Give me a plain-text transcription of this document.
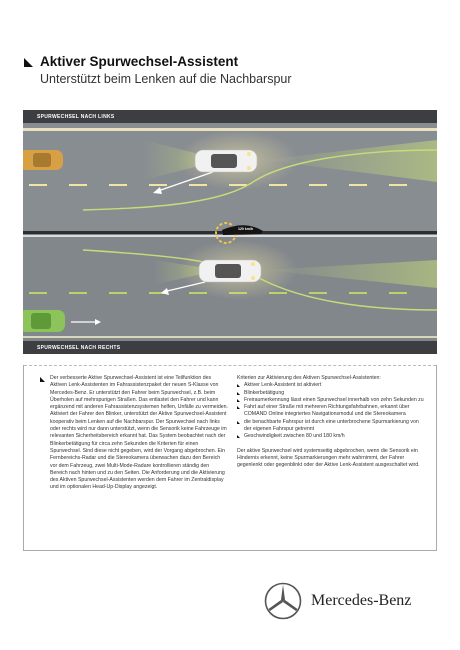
Aktiver Spurwechsel-Assistent
Unterstützt beim Lenken auf die Nachbarspur
SPURWECHSEL NACH LINKS
SPURWECHSEL NACH RECHTS
120 km/h
Der verbesserte Aktive Spurwechsel-Assistent ist eine Teilfunktion des Aktiven Lenk-Assistenten im Fahrassistenzpaket der neuen S-Klasse von Mercedes-Benz. Er unterstützt den Fahrer beim Spurwechsel, z.B. beim Überholen auf mehrspurigen Straßen. Das entlastet den Fahrer und kann ergänzend mit anderen Fahrassistenzsystemen helfen, Unfälle zu vermeiden. Aktiviert der Fahrer den Blinker, unterstützt der Aktive Spurwechsel-Assistent kooperativ beim Lenken auf die Nachbarspur. Der Spurwechsel nach links oder rechts wird nur dann unterstützt, wenn die Sensorik keine Fahrzeuge im relevanten Sicherheitsbereich erkannt hat. Das System beobachtet nach der Blinkerbetätigung für circa zehn Sekunden die Kriterien für einen Spurwechsel. Sind diese nicht gegeben, wird der Vorgang abgebrochen. Ein Fernbereichs-Radar und die Stereokamera überwachen dazu den Bereich vor dem Fahrzeug, zwei Multi-Mode-Radare kontrollieren ständig den Bereich nach hinten und zu den Seiten. Die Anforderung und die Aktivierung des Aktiven Spurwechsel-Assistenten werden dem Fahrer im Zentraldisplay und im optionalen Head-Up-Display angezeigt.
Kriterien zur Aktivierung des Aktiven Spurwechsel-Assistenten:
Aktiver Lenk-Assistent ist aktiviert
Blinkerbetätigung
Freiraumerkennung lässt einen Spurwechsel innerhalb von zehn Sekunden zu
Fahrt auf einer Straße mit mehreren Richtungsfahrbahnen, erkannt über COMAND Online integriertes Navigationsmodul und die Stereokamera
die benachbarte Fahrspur ist durch eine unterbrochene Spurmarkierung von der eigenen Fahrspur getrennt
Geschwindigkeit zwischen 80 und 180 km/h
Der aktive Spurwechsel wird systemseitig abgebrochen, wenn die Sensorik ein Hindernis erkennt, keine Spurmarkierungen mehr wahrnimmt, der Fahrer gegenlenkt oder gegenblinkt oder der Aktive Lenk-Assistent ausgeschaltet wird.
Mercedes-Benz
